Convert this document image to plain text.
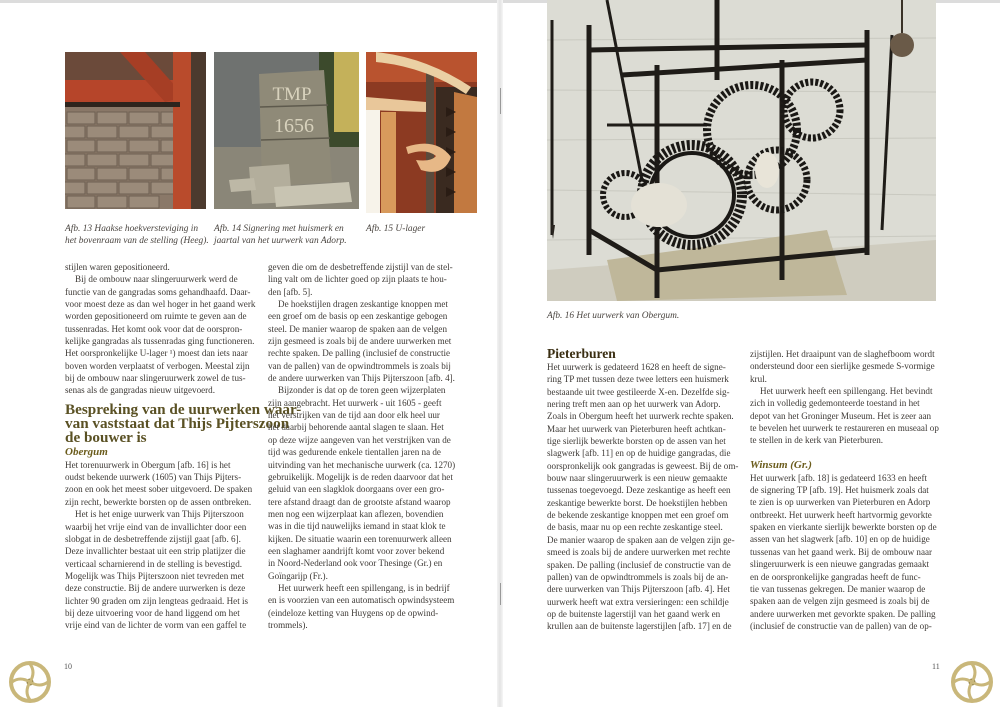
TMP
1656
Afb. 13 Haakse hoekversteviging in
het bovenraam van de stelling (Heeg).
Afb. 14 Signering met huismerk en
jaartal van het uurwerk van Adorp.
Afb. 15 U-lager

stijlen waren gepositioneerd.

Bij de ombouw naar slingeruurwerk werd de
functie van de gangradas soms gehandhaafd. Daar-
voor moest deze as dan wel hoger in het gaand werk
worden gepositioneerd om ruimte te geven aan de
tussenradas. Het komt ook voor dat de oorspron-
kelijke gangradas als tussenradas ging functioneren.
Het oorspronkelijke U-lager ¹) moest dan iets naar
boven worden verplaatst of verbogen. Meestal zijn
bij de ombouw naar slingeruurwerk zowel de tus-
senas als de gangradas nieuw uitgevoerd.

Bespreking van de uurwerken waar-
van vaststaat dat Thijs Pijterszoon
de bouwer is
Obergum

Het torenuurwerk in Obergum [afb. 16] is het
oudst bekende uurwerk (1605) van Thijs Pijters-
zoon en ook het meest sober uitgevoerd. De spaken
zijn recht, bewerkte borsten op de assen ontbreken.

Het is het enige uurwerk van Thijs Pijterszoon
waarbij het vrije eind van de invallichter door een
slobgat in de desbetreffende zijstijl gaat [afb. 6].
Deze invallichter bestaat uit een strip platijzer die
verticaal scharnierend in de stelling is bevestigd.
Mogelijk was Thijs Pijterszoon niet tevreden met
deze constructie. Bij de andere uurwerken is deze
lichter 90 graden om zijn lengteas gedraaid. Het is
bij deze uitvoering voor de hand liggend om het
vrije eind van de lichter de vorm van een gaffel te

geven die om de desbetreffende zijstijl van de stel-
ling valt om de lichter goed op zijn plaats te hou-
den [afb. 5].

De hoekstijlen dragen zeskantige knoppen met
een groef om de basis op een zeskantige gebogen
steel. De manier waarop de spaken aan de velgen
zijn gesmeed is zoals bij de andere uurwerken met
rechte spaken. De palling (inclusief de constructie
van de pallen) van de opwindtrommels is zoals bij
de andere uurwerken van Thijs Pijterszoon [afb. 4].

Bijzonder is dat op de toren geen wijzerplaten
zijn aangebracht. Het uurwerk - uit 1605 - geeft
het verstrijken van de tijd aan door elk heel uur
het daarbij behorende aantal slagen te slaan. Het
op deze wijze aangeven van het verstrijken van de
tijd was gedurende enkele tientallen jaren na de
uitvinding van het mechanische uurwerk (ca. 1270)
gebruikelijk. Mogelijk is de reden daarvoor dat het
geluid van een slagklok doorgaans over een gro-
tere afstand draagt dan de grootste afstand waarop
men nog een wijzerplaat kan aflezen, bovendien
was in die tijd nauwelijks iemand in staat klok te
kijken. De situatie waarin een torenuurwerk alleen
een slaghamer aandrijft komt voor zover bekend
in Noord-Nederland ook voor Thesinge (Gr.) en
Goïngarijp (Fr.).

Het uurwerk heeft een spillengang, is in bedrijf
en is voorzien van een automatisch opwindsysteem
(eindeloze ketting van Huygens op de opwind-
trommels).

10
Afb. 16 Het uurwerk van Obergum.
Pieterburen

Het uurwerk is gedateerd 1628 en heeft de signe-
ring TP met tussen deze twee letters een huismerk
bestaande uit twee gestileerde X-en. Dezelfde sig-
nering treft men aan op het uurwerk van Adorp.
Zoals in Obergum heeft het uurwerk rechte spaken.
Maar het uurwerk van Pieterburen heeft achtkan-
tige sierlijk bewerkte borsten op de assen van het
slagwerk [afb. 11] en op de huidige gangradas, die
oorspronkelijk ook gangradas is geweest. Bij de om-
bouw naar slingeruurwerk is een nieuw gemaakte
tussenas toegevoegd. Deze zeskantige as heeft een
zeskantige bewerkte borst. De hoekstijlen hebben
de bekende zeskantige knoppen met een groef om
de basis, maar nu op een rechte zeskantige steel.
De manier waarop de spaken aan de velgen zijn ge-
smeed is zoals bij de andere uurwerken met rechte
spaken. De palling (inclusief de constructie van de
pallen) van de opwindtrommels is zoals bij de an-
dere uurwerken van Thijs Pijterszoon [afb. 4]. Het
uurwerk heeft wat extra versieringen: een schildje
op de buitenste lagerstijl van het gaand werk en
krullen aan de buitenste lagerstijlen [afb. 17] en de

zijstijlen. Het draaipunt van de slaghefboom wordt
ondersteund door een sierlijke gesmede S-vormige
krul.

Het uurwerk heeft een spillengang. Het bevindt
zich in volledig gedemonteerde toestand in het
depot van het Groninger Museum. Het is zeer aan
te bevelen het uurwerk te restaureren en museaal op
te stellen in de kerk van Pieterburen.

Winsum (Gr.)

Het uurwerk [afb. 18] is gedateerd 1633 en heeft
de signering TP [afb. 19]. Het huismerk zoals dat
te zien is op uurwerken van Pieterburen en Adorp
ontbreekt. Het uurwerk heeft hartvormig gevorkte
spaken en vierkante sierlijk bewerkte borsten op de
assen van het slagwerk [afb. 10] en op de huidige
tussenas van het gaand werk. Bij de ombouw naar
slingeruurwerk is een nieuwe gangradas gemaakt
en de oorspronkelijke gangradas heeft de func-
tie van tussenas gekregen. De manier waarop de
spaken aan de velgen zijn gesmeed is zoals bij de
andere uurwerken met gevorkte spaken. De palling
(inclusief de constructie van de pallen) van de op-

11
